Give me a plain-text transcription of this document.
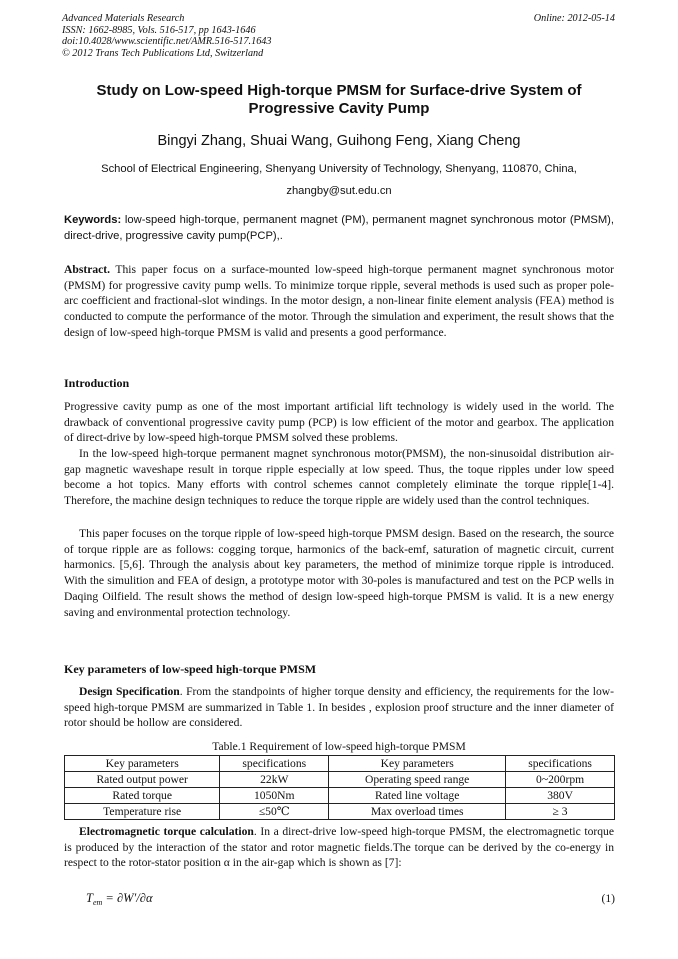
Advanced Materials Research
ISSN: 1662-8985, Vols. 516-517, pp 1643-1646
doi:10.4028/www.scientific.net/AMR.516-517.1643
© 2012 Trans Tech Publications Ltd, Switzerland
Online: 2012-05-14
Study on Low-speed High-torque PMSM for Surface-drive System of Progressive Cavity Pump
Bingyi Zhang, Shuai Wang, Guihong Feng, Xiang Cheng
School of Electrical Engineering, Shenyang University of Technology, Shenyang, 110870, China,
zhangby@sut.edu.cn
Keywords: low-speed high-torque, permanent magnet (PM), permanent magnet synchronous motor (PMSM), direct-drive, progressive cavity pump(PCP),.
Abstract. This paper focus on a surface-mounted low-speed high-torque permanent magnet synchronous motor (PMSM) for progressive cavity pump wells. To minimize torque ripple, several methods is used such as proper pole-arc coefficient and fractional-slot windings. In the motor design, a non-linear finite element analysis (FEA) method is conducted to compute the performance of the motor. Through the simulation and experiment, the result shows that the design of low-speed high-torque PMSM is valid and presents a good performance.
Introduction
Progressive cavity pump as one of the most important artificial lift technology is widely used in the world. The drawback of conventional progressive cavity pump (PCP) is low efficient of the motor and gearbox. The application of direct-drive by low-speed high-torque PMSM solved these problems.
In the low-speed high-torque permanent magnet synchronous motor(PMSM), the non-sinusoidal distribution air-gap magnetic waveshape result in torque ripple especially at low speed. Thus, the toque ripples under low speed become a hot topics. Many efforts with control schemes cannot completely eliminate the torque ripple[1-4]. Therefore, the machine design techniques to reduce the torque ripple are widely used than the control techniques.
This paper focuses on the torque ripple of low-speed high-torque PMSM design. Based on the research, the source of torque ripple are as follows: cogging torque, harmonics of the back-emf, saturation of magnetic circuit, current harmonics. [5,6]. Through the analysis about key parameters, the method of minimize torque ripple is introduced. With the simulition and FEA of design, a prototype motor with 30-poles is manufactured and test on the PCP wells in Daqing Oilfield. The result shows the method of design low-speed high-torque PMSM is valid. It is a new energy saving and environmental protection technology.
Key parameters of low-speed high-torque PMSM
Design Specification. From the standpoints of higher torque density and efficiency, the requirements for the low-speed high-torque PMSM are summarized in Table 1. In besides , explosion proof structure and the inner diameter of rotor should be hollow are considered.
Table.1 Requirement of low-speed high-torque PMSM
Key parameters	specifications	Key parameters	specifications
Rated output power	22kW	Operating speed range	0~200rpm
Rated torque	1050Nm	Rated line voltage	380V
Temperature rise	≤50℃	Max overload times	≥ 3
Electromagnetic torque calculation. In a direct-drive low-speed high-torque PMSM, the electromagnetic torque is produced by the interaction of the stator and rotor magnetic fields.The torque can be derived by the co-energy in respect to the rotor-stator position α in the air-gap which is shown as [7]:
$T_{em} = \partial W'/\partial\alpha$	(1)
